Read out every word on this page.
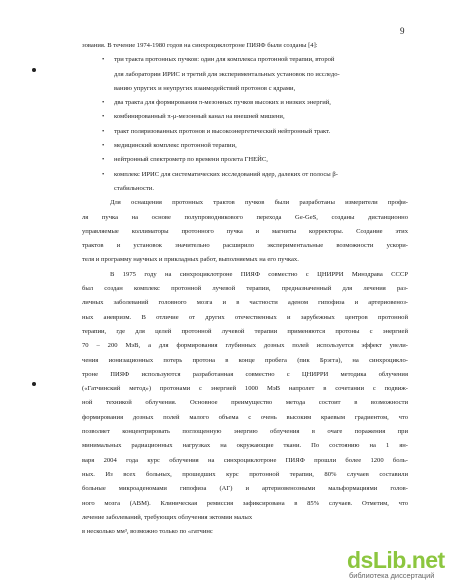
9
зования. В течение 1974-1980 годов на синхроциклотроне ПИЯФ были созданы [4]:
• три тракта протонных пучков: один для комплекса протонной терапии, второй
для лаборатории ИРИС и третий для экспериментальных установок по исследо-
ванию упругих и неупругих взаимодействий протонов с ядрами,
• два тракта для формирования π-мезонных пучков высоких и низких энергий,
• комбинированный π-μ-мезонный канал на внешней мишени,
• тракт поляризованных протонов и высокоэнергетический нейтронный тракт.
• медицинский комплекс протонной терапии,
• нейтронный спектрометр по времени пролета ГНЕЙС,
• комплекс ИРИС для систематических исследований ядер, далеких от полосы β-
стабильности.
Для оснащения протонных трактов пучков были разработаны измерители профи-
ля пучка на основе полупроводникового перехода Ge-GeS, созданы дистанционно
управляемые коллиматоры протонного пучка и магниты корректоры. Создание этих
трактов и установок значительно расширило экспериментальные возможности ускори-
теля и программу научных и прикладных работ, выполняемых на его пучках.
В 1975 году на синхроциклотроне ПИЯФ совместно с ЦНИРРИ Минздрава СССР
был создан комплекс протонной лучевой терапии, предназначенный для лечения раз-
личных заболеваний головного мозга и в частности аденом гипофиза и артериовеноз-
ных аневризм. В отличие от других отечественных и зарубежных центров протонной
терапии, где для целей протонной лучевой терапии применяются протоны с энергией
70 – 200 МэВ, а для формирования глубинных дозных полей используется эффект увели-
чения ионизационных потерь протона в конце пробега (пик Брэгга), на синхроцикло-
троне ПИЯФ используются разработанная совместно с ЦНИРРИ методика облучения
(«Гатчинский метод») протонами с энергией 1000 МэВ напролет в сочетании с подвиж-
ной техникой облучения. Основное преимущество метода состоит в возможности
формирования дозных полей малого объема с очень высоким краевым градиентом, что
позволяет концентрировать поглощенную энергию облучения в очаге поражения при
минимальных радиационных нагрузках на окружающие ткани. По состоянию на 1 ян-
варя 2004 года курс облучения на синхроциклотроне ПИЯФ прошли более 1200 боль-
ных. Из всех больных, прошедших курс протонной терапии, 80% случаев составили
больные микроаденомами гипофиза (АГ) и артериовенозными мальформациями голов-
ного мозга (АВМ). Клиническая ремиссия зафиксирована в 85% случаев. Отметим, что
лечение заболеваний, требующих облучения эктомии малых
в несколько мм³, возможно только по «гатчинс
dsLib.net
библиотека диссертаций
